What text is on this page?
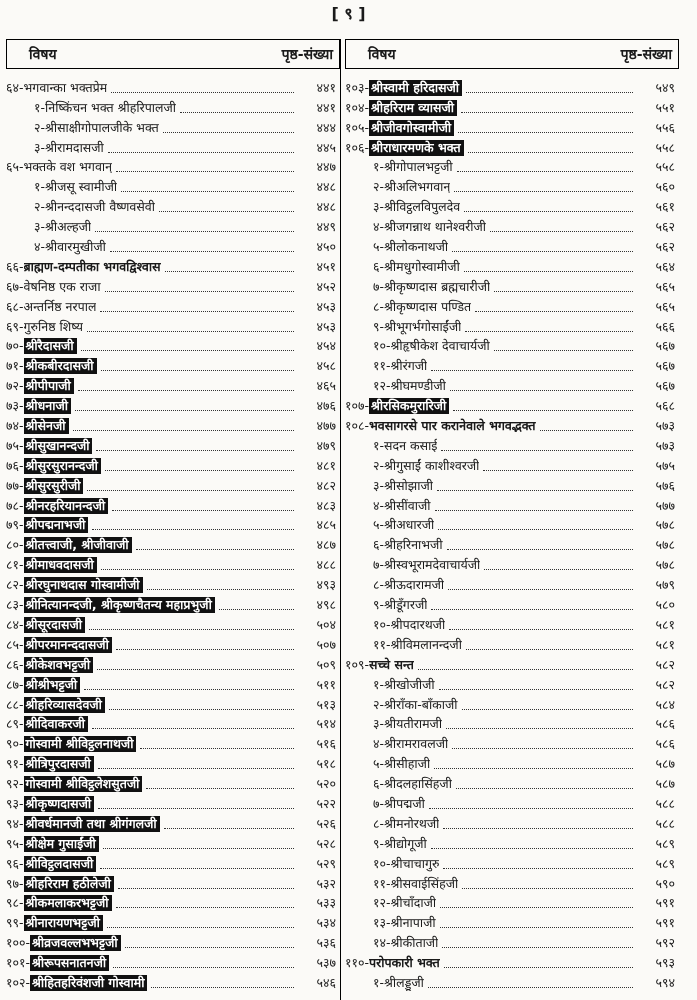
[ ९ ]
विषय	पृष्ठ-संख्या
६४- भगवान्का भक्तप्रेम	४४१
१- निष्किंचन भक्त श्रीहरिपालजी	४४१
२- श्रीसाक्षीगोपालजीके भक्त	४४४
३- श्रीरामदासजी	४४५
६५- भक्तके वश भगवान्	४४७
१- श्रीजसू स्वामीजी	४४८
२- श्रीनन्ददासजी वैष्णवसेवी	४४८
३- श्रीअल्हजी	४४९
४- श्रीवारमुखीजी	४५०
६६- ब्राह्मण-दम्पतीका भगवद्विश्वास	४५१
६७- वेषनिष्ठ एक राजा	४५२
६८- अन्तर्निष्ठ नरपाल	४५३
६९- गुरुनिष्ठ शिष्य	४५३
७०- श्रीरैदासजी	४५४
७१- श्रीकबीरदासजी	४५८
७२- श्रीपीपाजी	४६५
७३- श्रीधनाजी	४७६
७४- श्रीसेनजी	४७७
७५- श्रीसुखानन्दजी	४७९
७६- श्रीसुरसुरानन्दजी	४८१
७७- श्रीसुरसुरीजी	४८२
७८- श्रीनरहरियानन्दजी	४८३
७९- श्रीपद्मनाभजी	४८५
८०- श्रीतत्त्वाजी, श्रीजीवाजी	४८७
८१- श्रीमाधवदासजी	४८८
८२- श्रीरघुनाथदास गोस्वामीजी	४९३
८३- श्रीनित्यानन्दजी, श्रीकृष्णचैतन्य महाप्रभुजी	४९८
८४- श्रीसूरदासजी	५०४
८५- श्रीपरमानन्ददासजी	५०७
८६- श्रीकेशवभट्टजी	५०९
८७- श्रीश्रीभट्टजी	५११
८८- श्रीहरिव्यासदेवजी	५१३
८९- श्रीदिवाकरजी	५१४
९०- गोस्वामी श्रीविट्ठलनाथजी	५१६
९१- श्रीत्रिपुरदासजी	५१८
९२- गोस्वामी श्रीविट्ठलेशसुतजी	५२०
९३- श्रीकृष्णदासजी	५२२
९४- श्रीवर्धमानजी तथा श्रीगंगलजी	५२६
९५- श्रीक्षेम गुसाईंजी	५२८
९६- श्रीविट्ठलदासजी	५२९
९७- श्रीहरिराम हठीलेजी	५३२
९८- श्रीकमलाकरभट्टजी	५३३
९९- श्रीनारायणभट्टजी	५३४
१००- श्रीव्रजवल्लभभट्टजी	५३६
१०१- श्रीरूपसनातनजी	५३७
१०२- श्रीहितहरिवंशजी गोस्वामी	५४६
विषय	पृष्ठ-संख्या
१०३- श्रीस्वामी हरिदासजी	५४९
१०४- श्रीहरिराम व्यासजी	५५१
१०५- श्रीजीवगोस्वामीजी	५५६
१०६- श्रीराधारमणके भक्त	५५८
१- श्रीगोपालभट्टजी	५५८
२- श्रीअलिभगवान्	५६०
३- श्रीविट्ठलविपुलदेव	५६१
४- श्रीजगन्नाथ थानेश्वरीजी	५६२
५- श्रीलोकनाथजी	५६२
६- श्रीमधुगोस्वामीजी	५६४
७- श्रीकृष्णदास ब्रह्मचारीजी	५६५
८- श्रीकृष्णदास पण्डित	५६५
९- श्रीभूगर्भगोसाईंजी	५६६
१०- श्रीहृषीकेश देवाचार्यजी	५६७
११- श्रीरंगजी	५६७
१२- श्रीघमण्डीजी	५६७
१०७- श्रीरसिकमुरारिजी	५६८
१०८- भवसागरसे पार करानेवाले भगवद्भक्त	५७३
१- सदन कसाई	५७३
२- श्रीगुसाईं काशीश्वरजी	५७५
३- श्रीसोझाजी	५७६
४- श्रीसींवाजी	५७७
५- श्रीअधारजी	५७८
६- श्रीहरिनाभजी	५७८
७- श्रीस्वभूरामदेवाचार्यजी	५७८
८- श्रीऊदारामजी	५७९
९- श्रीडूँगरजी	५८०
१०- श्रीपदारथजी	५८१
११- श्रीविमलानन्दजी	५८१
१०९- सच्चे सन्त	५८२
१- श्रीखोजीजी	५८२
२- श्रीराँका-बाँकाजी	५८४
३- श्रीयतीरामजी	५८६
४- श्रीरामरावलजी	५८६
५- श्रीसीहाजी	५८७
६- श्रीदलहासिंहजी	५८७
७- श्रीपद्मजी	५८८
८- श्रीमनोरथजी	५८८
९- श्रीद्योगूजी	५८९
१०- श्रीचाचागुरु	५८९
११- श्रीसवाईसिंहजी	५९०
१२- श्रीचाँदाजी	५९१
१३- श्रीनापाजी	५९१
१४- श्रीकीताजी	५९२
११०- परोपकारी भक्त	५९३
१- श्रीलड्डूजी	५९४
